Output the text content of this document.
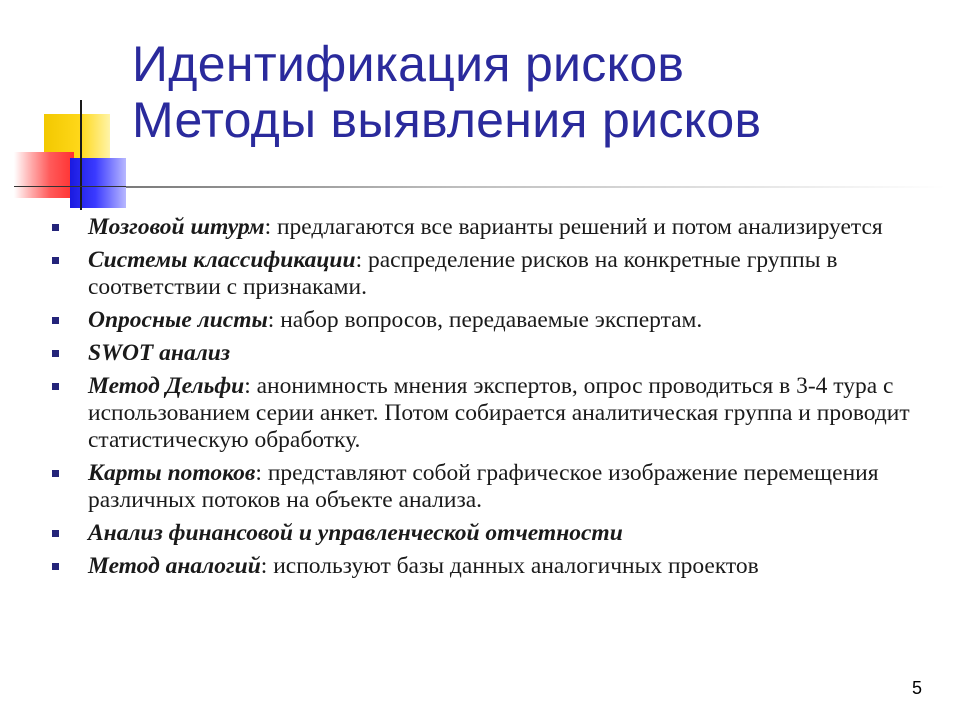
Идентификация рисков
Методы выявления рисков
Мозговой штурм: предлагаются все варианты решений и потом анализируется
Системы классификации: распределение рисков на конкретные группы в соответствии с признаками.
Опросные листы: набор вопросов, передаваемые экспертам.
SWOT анализ
Метод Дельфи: анонимность мнения экспертов, опрос проводиться в 3-4 тура с использованием серии анкет. Потом собирается аналитическая группа и проводит статистическую обработку.
Карты потоков: представляют собой графическое изображение перемещения различных потоков на объекте анализа.
Анализ финансовой и управленческой отчетности
Метод аналогий: используют базы данных аналогичных проектов
5
